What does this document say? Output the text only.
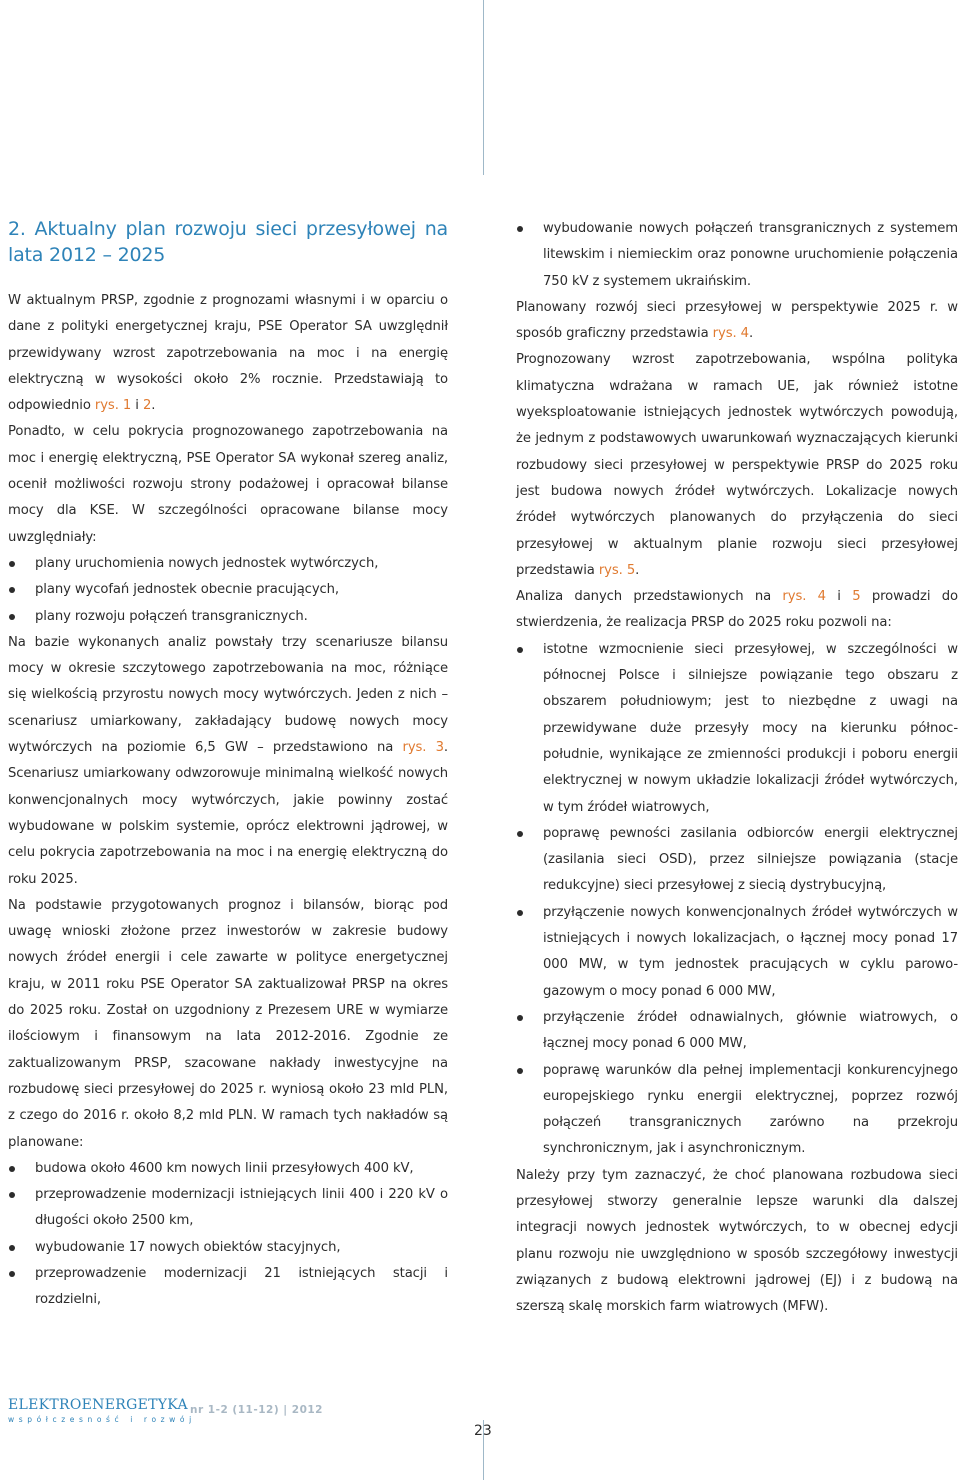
2. Aktualny plan rozwoju sieci przesyłowej na lata 2012 – 2025

W aktualnym PRSP, zgodnie z prognozami własnymi i w oparciu o dane z polityki energetycznej kraju, PSE Operator SA uwzględnił przewidywany wzrost zapotrzebowania na moc i na energię elektryczną w wysokości około 2% rocznie. Przedstawiają to odpowiednio rys. 1 i 2.

Ponadto, w celu pokrycia prognozowanego zapotrzebowania na moc i energię elektryczną, PSE Operator SA wykonał szereg analiz, ocenił możliwości rozwoju strony podażowej i opracował bilanse mocy dla KSE. W szczególności opracowane bilanse mocy uwzględniały:

plany uruchomienia nowych jednostek wytwórczych,
plany wycofań jednostek obecnie pracujących,
plany rozwoju połączeń transgranicznych.

Na bazie wykonanych analiz powstały trzy scenariusze bilansu mocy w okresie szczytowego zapotrzebowania na moc, różniące się wielkością przyrostu nowych mocy wytwórczych. Jeden z nich – scenariusz umiarkowany, zakładający budowę nowych mocy wytwórczych na poziomie 6,5 GW – przedstawiono na rys. 3. Scenariusz umiarkowany odwzorowuje minimalną wielkość nowych konwencjonalnych mocy wytwórczych, jakie powinny zostać wybudowane w polskim systemie, oprócz elektrowni jądrowej, w celu pokrycia zapotrzebowania na moc i na energię elektryczną do roku 2025.

Na podstawie przygotowanych prognoz i bilansów, biorąc pod uwagę wnioski złożone przez inwestorów w zakresie budowy nowych źródeł energii i cele zawarte w polityce energetycznej kraju, w 2011 roku PSE Operator SA zaktualizował PRSP na okres do 2025 roku. Został on uzgodniony z Prezesem URE w wymiarze ilościowym i finansowym na lata 2012-2016. Zgodnie ze zaktualizowanym PRSP, szacowane nakłady inwestycyjne na rozbudowę sieci przesyłowej do 2025 r. wyniosą około 23 mld PLN, z czego do 2016 r. około 8,2 mld PLN. W ramach tych nakładów są planowane:

budowa około 4600 km nowych linii przesyłowych 400 kV,
przeprowadzenie modernizacji istniejących linii 400 i 220 kV o długości około 2500 km,
wybudowanie 17 nowych obiektów stacyjnych,
przeprowadzenie modernizacji 21 istniejących stacji i rozdzielni,
wybudowanie nowych połączeń transgranicznych z systemem litewskim i niemieckim oraz ponowne uruchomienie połączenia 750 kV z systemem ukraińskim.

Planowany rozwój sieci przesyłowej w perspektywie 2025 r. w sposób graficzny przedstawia rys. 4.

Prognozowany wzrost zapotrzebowania, wspólna polityka klimatyczna wdrażana w ramach UE, jak również istotne wyeksploatowanie istniejących jednostek wytwórczych powodują, że jednym z podstawowych uwarunkowań wyznaczających kierunki rozbudowy sieci przesyłowej w perspektywie PRSP do 2025 roku jest budowa nowych źródeł wytwórczych. Lokalizacje nowych źródeł wytwórczych planowanych do przyłączenia do sieci przesyłowej w aktualnym planie rozwoju sieci przesyłowej przedstawia rys. 5.

Analiza danych przedstawionych na rys. 4 i 5 prowadzi do stwierdzenia, że realizacja PRSP do 2025 roku pozwoli na:

istotne wzmocnienie sieci przesyłowej, w szczególności w północnej Polsce i silniejsze powiązanie tego obszaru z obszarem południowym; jest to niezbędne z uwagi na przewidywane duże przesyły mocy na kierunku północ-południe, wynikające ze zmienności produkcji i poboru energii elektrycznej w nowym układzie lokalizacji źródeł wytwórczych, w tym źródeł wiatrowych,
poprawę pewności zasilania odbiorców energii elektrycznej (zasilania sieci OSD), przez silniejsze powiązania (stacje redukcyjne) sieci przesyłowej z siecią dystrybucyjną,
przyłączenie nowych konwencjonalnych źródeł wytwórczych w istniejących i nowych lokalizacjach, o łącznej mocy ponad 17 000 MW, w tym jednostek pracujących w cyklu parowo-gazowym o mocy ponad 6 000 MW,
przyłączenie źródeł odnawialnych, głównie wiatrowych, o łącznej mocy ponad 6 000 MW,
poprawę warunków dla pełnej implementacji konkurencyjnego europejskiego rynku energii elektrycznej, poprzez rozwój połączeń transgranicznych zarówno na przekroju synchronicznym, jak i asynchronicznym.

Należy przy tym zaznaczyć, że choć planowana rozbudowa sieci przesyłowej stworzy generalnie lepsze warunki dla dalszej integracji nowych jednostek wytwórczych, to w obecnej edycji planu rozwoju nie uwzględniono w sposób szczegółowy inwestycji związanych z budową elektrowni jądrowej (EJ) i z budową na szerszą skalę morskich farm wiatrowych (MFW).

ELEKTROENERGETYKA
współczesność i rozwój
nr 1-2 (11-12) | 2012
23
